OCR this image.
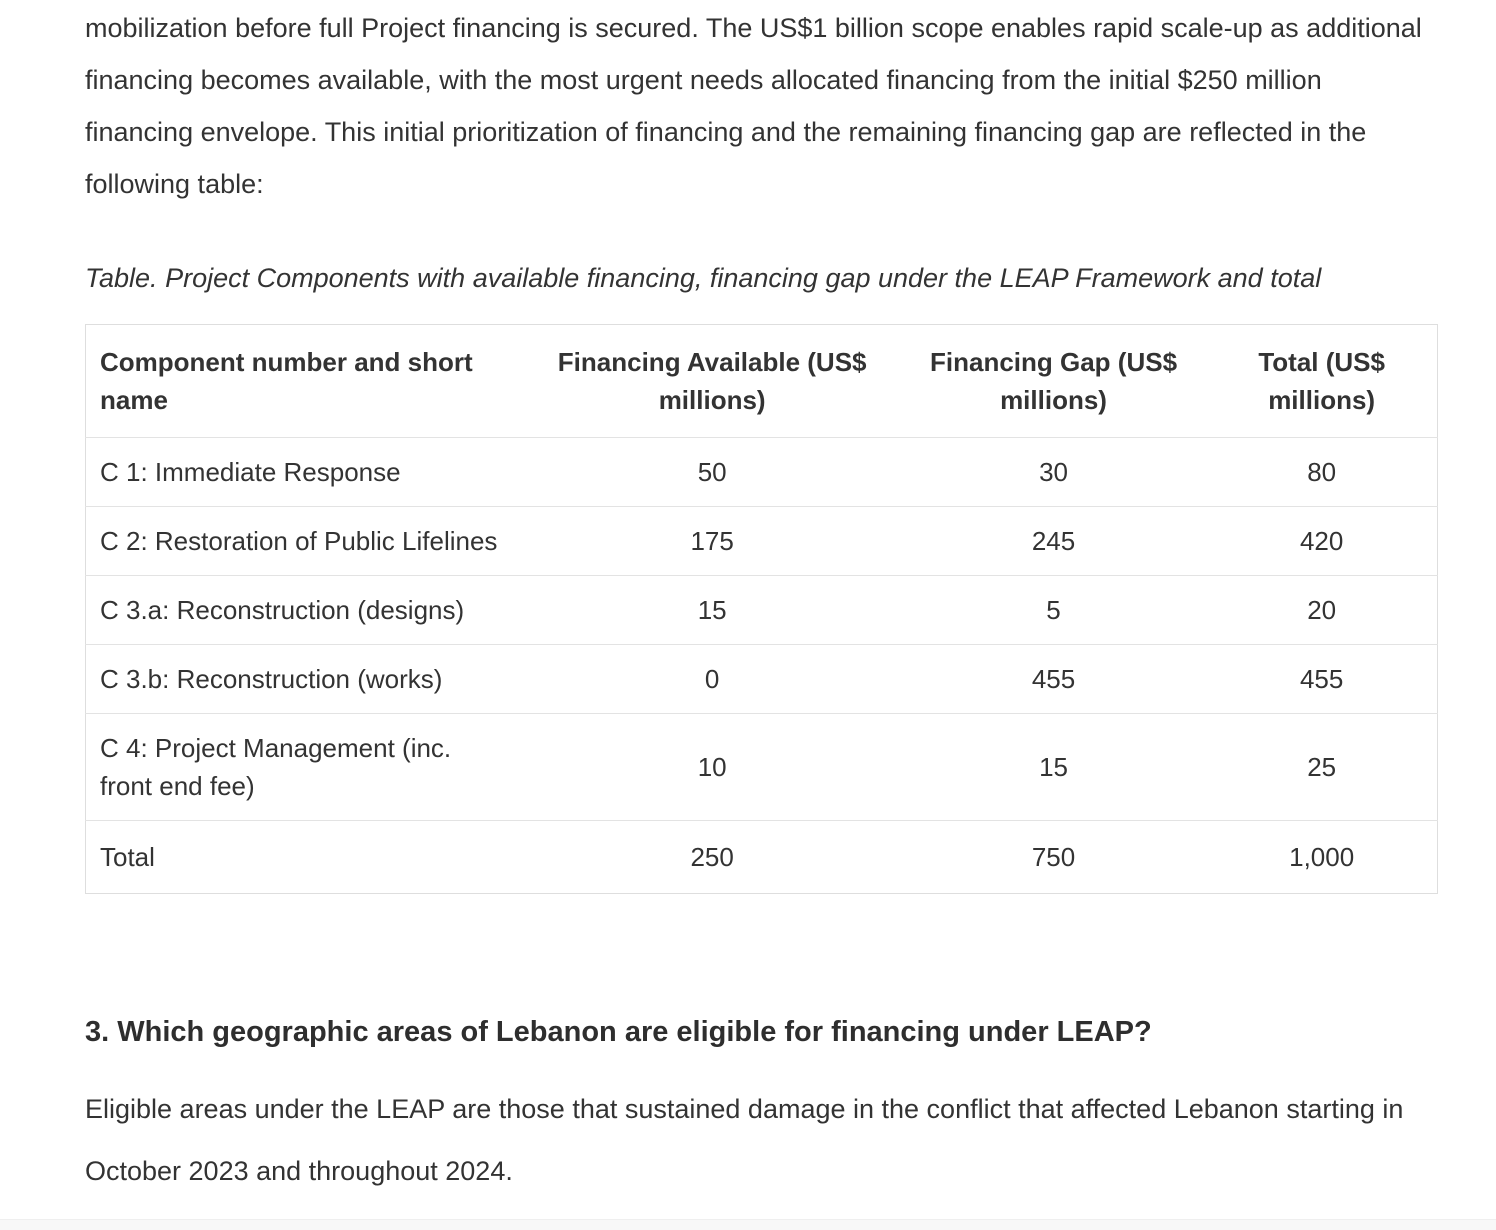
mobilization before full Project financing is secured. The US$1 billion scope enables rapid scale-up as additional financing becomes available, with the most urgent needs allocated financing from the initial $250 million financing envelope. This initial prioritization of financing and the remaining financing gap are reflected in the following table:

Table. Project Components with available financing, financing gap under the LEAP Framework and total

Component number and short name	Financing Available (US$ millions)	Financing Gap (US$ millions)	Total (US$ millions)
C 1: Immediate Response	50	30	80
C 2: Restoration of Public Lifelines	175	245	420
C 3.a: Reconstruction (designs)	15	5	20
C 3.b: Reconstruction (works)	0	455	455
C 4: Project Management (inc. front end fee)	10	15	25
Total	250	750	1,000
3. Which geographic areas of Lebanon are eligible for financing under LEAP?

Eligible areas under the LEAP are those that sustained damage in the conflict that affected Lebanon starting in October 2023 and throughout 2024.
